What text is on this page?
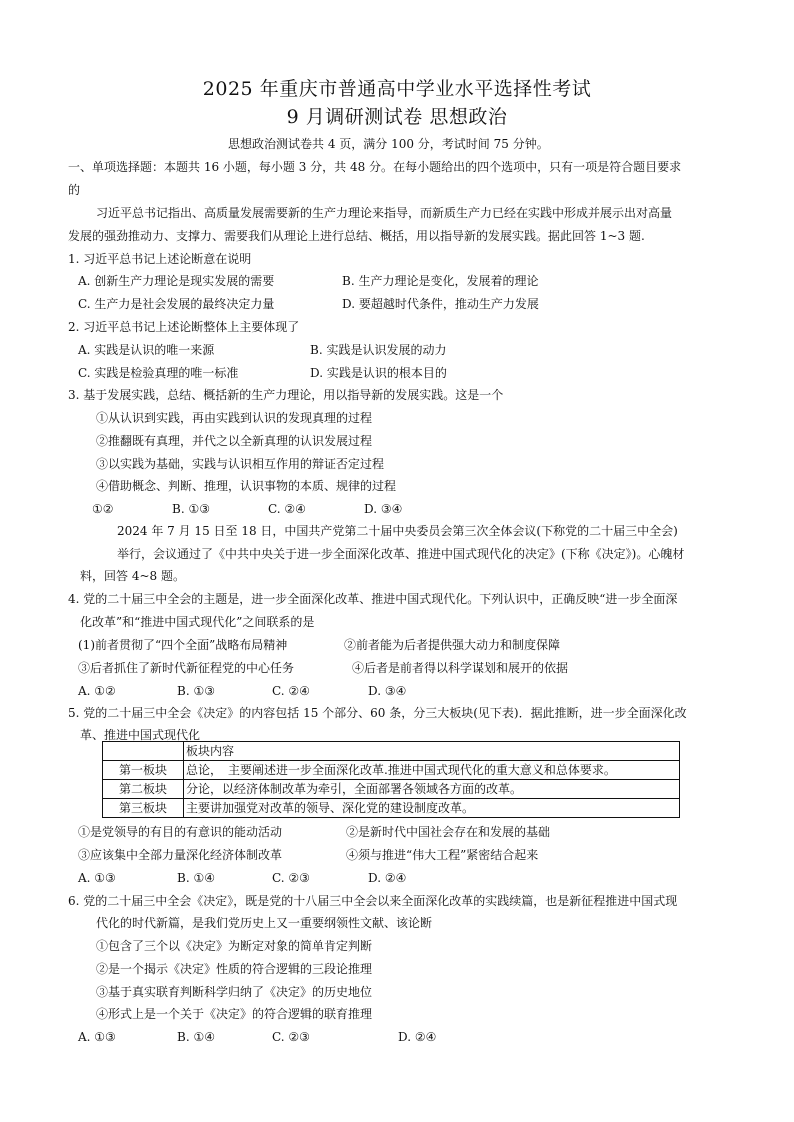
2025 年重庆市普通高中学业水平选择性考试
9 月调研测试卷 思想政治
思想政治测试卷共 4 页，满分 100 分，考试时间 75 分钟。
一、单项选择题：本题共 16 小题，每小题 3 分，共 48 分。在每小题给出的四个选项中，只有一项是符合题目要求
的
习近平总书记指出、高质量发展需要新的生产力理论来指导，而新质生产力已经在实践中形成并展示出对高量
发展的强劲推动力、支撑力、需要我们从理论上进行总结、概括，用以指导新的发展实践。据此回答 1~3 题.
1. 习近平总书记上述论断意在说明
A. 创新生产力理论是现实发展的需要	B. 生产力理论是变化，发展着的理论
C. 生产力是社会发展的最终决定力量	D. 要超越时代条件，推动生产力发展
2. 习近平总书记上述论断整体上主要体现了
A. 实践是认识的唯一来源	B. 实践是认识发展的动力
C. 实践是检验真理的唯一标准	D. 实践是认识的根本目的
3. 基于发展实践，总结、概括新的生产力理论，用以指导新的发展实践。这是一个
①从认识到实践，再由实践到认识的发现真理的过程
②推翻既有真理，并代之以全新真理的认识发展过程
③以实践为基础，实践与认识相互作用的辩证否定过程
④借助概念、判断、推理，认识事物的本质、规律的过程
①②	B. ①③	C. ②④	D. ③④
2024 年 7 月 15 日至 18 日，中国共产党第二十届中央委员会第三次全体会议(下称党的二十届三中全会)
举行，会议通过了《中共中央关于进一步全面深化改革、推进中国式现代化的决定》(下称《决定》)。心魄材
料，回答 4~8 题。
4. 党的二十届三中全会的主题是，进一步全面深化改革、推进中国式现代化。下列认识中，正确反映“进一步全面深
化改革”和“推进中国式现代化”之间联系的是
(1)前者贯彻了“四个全面”战略布局精神	②前者能为后者提供强大动力和制度保障
③后者抓住了新时代新征程党的中心任务	④后者是前者得以科学谋划和展开的依据
A. ①②	B. ①③	C. ②④	D. ③④
5. 党的二十届三中全会《决定》的内容包括 15 个部分、60 条，分三大板块(见下表)．据此推断，进一步全面深化改
革、推进中国式现代化
	板块内容
第一板块	总论，　主要阐述进一步全面深化改革.推进中国式现代化的重大意义和总体要求。
第二板块	分论，以经济体制改革为牵引，全面部署各领域各方面的改革。
第三板块	主要讲加强党对改革的领导、深化党的建设制度改革。
①是党领导的有目的有意识的能动活动	②是新时代中国社会存在和发展的基础
③应该集中全部力量深化经济体制改革	④须与推进“伟大工程”紧密结合起来
A. ①③	B. ①④	C. ②③	D. ②④
6. 党的二十届三中全会《决定》，既是党的十八届三中全会以来全面深化改革的实践续篇，也是新征程推进中国式现
代化的时代新篇，是我们党历史上又一重要纲领性文献、该论断
①包含了三个以《决定》为断定对象的简单肯定判断
②是一个揭示《决定》性质的符合逻辑的三段论推理
③基于真实联育判断科学归纳了《决定》的历史地位
④形式上是一个关于《决定》的符合逻辑的联育推理
A. ①③	B. ①④	C. ②③	D. ②④
